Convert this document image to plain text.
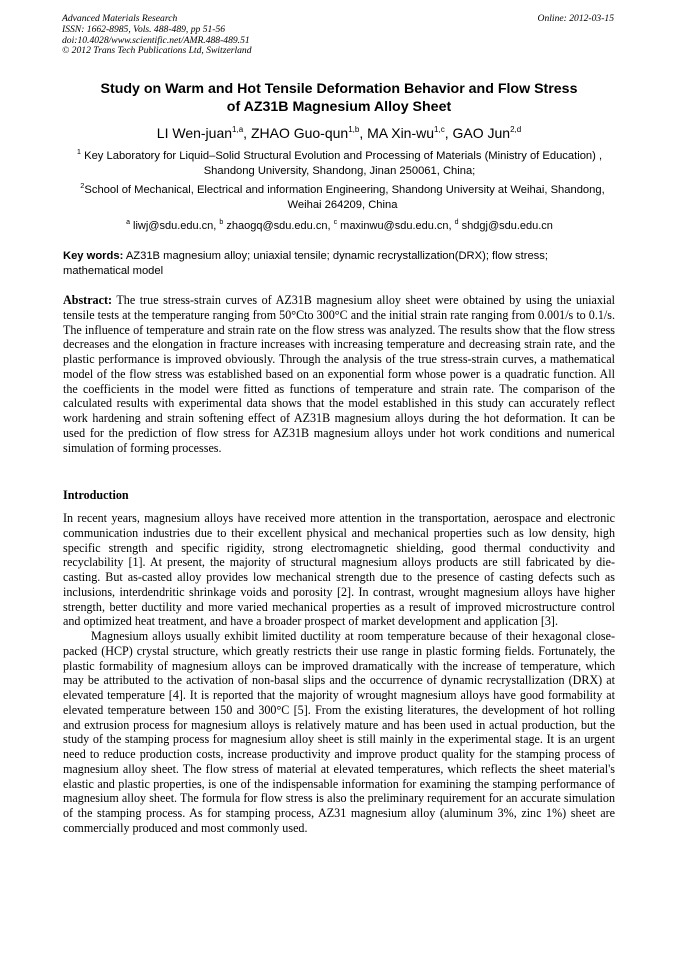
Advanced Materials Research
ISSN: 1662-8985, Vols. 488-489, pp 51-56
doi:10.4028/www.scientific.net/AMR.488-489.51
© 2012 Trans Tech Publications Ltd, Switzerland
Online: 2012-03-15
Study on Warm and Hot Tensile Deformation Behavior and Flow Stress
of AZ31B Magnesium Alloy Sheet
LI Wen-juan$^{1,a}$, ZHAO Guo-qun$^{1,b}$, MA Xin-wu$^{1,c}$, GAO Jun$^{2,d}$
$^1$ Key Laboratory for Liquid–Solid Structural Evolution and Processing of Materials (Ministry of Education) , Shandong University, Shandong, Jinan 250061, China;
$^2$School of Mechanical, Electrical and information Engineering, Shandong University at Weihai, Shandong, Weihai 264209, China
$^a$ liwj@sdu.edu.cn, $^b$ zhaogq@sdu.edu.cn, $^c$ maxinwu@sdu.edu.cn, $^d$ shdgj@sdu.edu.cn
Key words: AZ31B magnesium alloy; uniaxial tensile; dynamic recrystallization(DRX); flow stress; mathematical model
Abstract: The true stress-strain curves of AZ31B magnesium alloy sheet were obtained by using the uniaxial tensile tests at the temperature ranging from 50°Cto 300°C and the initial strain rate ranging from 0.001/s to 0.1/s. The influence of temperature and strain rate on the flow stress was analyzed. The results show that the flow stress decreases and the elongation in fracture increases with increasing temperature and decreasing strain rate, and the plastic performance is improved obviously. Through the analysis of the true stress-strain curves, a mathematical model of the flow stress was established based on an exponential form whose power is a quadratic function. All the coefficients in the model were fitted as functions of temperature and strain rate. The comparison of the calculated results with experimental data shows that the model established in this study can accurately reflect work hardening and strain softening effect of AZ31B magnesium alloys during the hot deformation. It can be used for the prediction of flow stress for AZ31B magnesium alloys under hot work conditions and numerical simulation of forming processes.
Introduction

In recent years, magnesium alloys have received more attention in the transportation, aerospace and electronic communication industries due to their excellent physical and mechanical properties such as low density, high specific strength and specific rigidity, strong electromagnetic shielding, good thermal conductivity and recyclability [1]. At present, the majority of structural magnesium alloys products are still fabricated by die-casting. But as-casted alloy provides low mechanical strength due to the presence of casting defects such as inclusions, interdendritic shrinkage voids and porosity [2]. In contrast, wrought magnesium alloys have higher strength, better ductility and more varied mechanical properties as a result of improved microstructure control and optimized heat treatment, and have a broader prospect of market development and application [3].

Magnesium alloys usually exhibit limited ductility at room temperature because of their hexagonal close-packed (HCP) crystal structure, which greatly restricts their use range in plastic forming fields. Fortunately, the plastic formability of magnesium alloys can be improved dramatically with the increase of temperature, which may be attributed to the activation of non-basal slips and the occurrence of dynamic recrystallization (DRX) at elevated temperature [4]. It is reported that the majority of wrought magnesium alloys have good formability at elevated temperature between 150 and 300°C [5]. From the existing literatures, the development of hot rolling and extrusion process for magnesium alloys is relatively mature and has been used in actual production, but the study of the stamping process for magnesium alloy sheet is still mainly in the experimental stage. It is an urgent need to reduce production costs, increase productivity and improve product quality for the stamping process of magnesium alloy sheet. The flow stress of material at elevated temperatures, which reflects the sheet material's elastic and plastic properties, is one of the indispensable information for examining the stamping performance of magnesium alloy sheet. The formula for flow stress is also the preliminary requirement for an accurate simulation of the stamping process. As for stamping process, AZ31 magnesium alloy (aluminum 3%, zinc 1%) sheet are commercially produced and most commonly used.
